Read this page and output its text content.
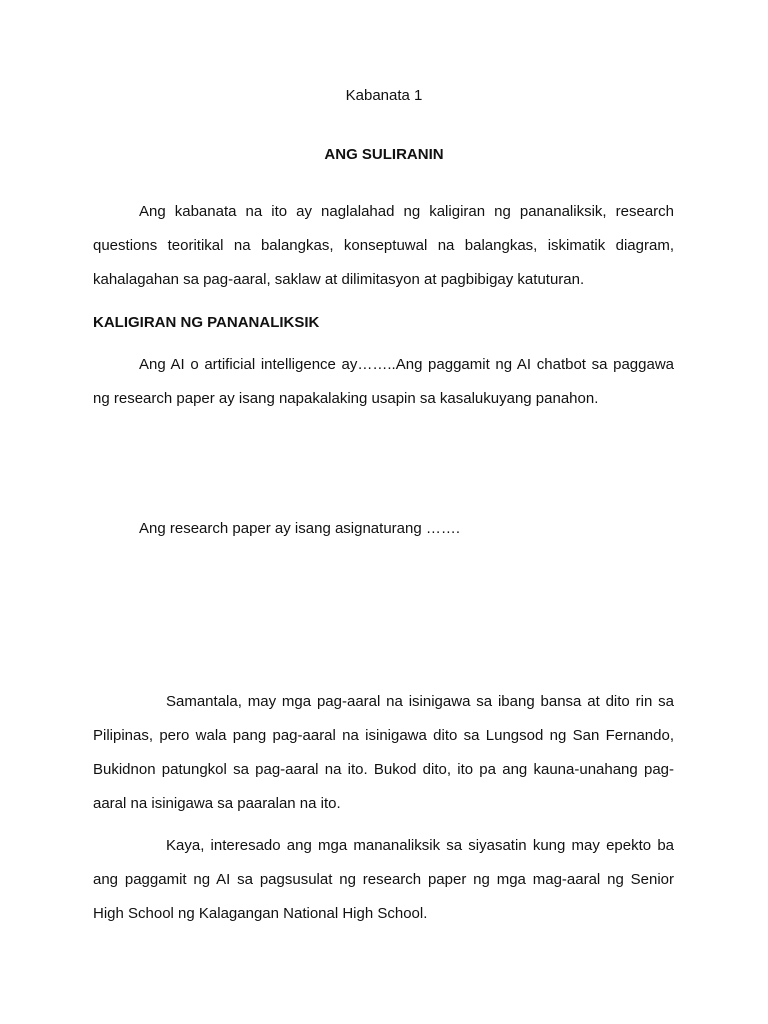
Kabanata 1
ANG SULIRANIN

Ang kabanata na ito ay naglalahad ng kaligiran ng pananaliksik, research questions teoritikal na balangkas, konseptuwal na balangkas, iskimatik diagram, kahalagahan sa pag-aaral, saklaw at dilimitasyon at pagbibigay katuturan.

KALIGIRAN NG PANANALIKSIK

Ang AI o artificial intelligence ay……..Ang paggamit ng AI chatbot sa paggawa ng research paper ay isang napakalaking usapin sa kasalukuyang panahon.

Ang research paper ay isang asignaturang …….

Samantala, may mga pag-aaral na isinigawa sa ibang bansa at dito rin sa Pilipinas, pero wala pang pag-aaral na isinigawa dito sa Lungsod ng San Fernando, Bukidnon patungkol sa pag-aaral na ito. Bukod dito, ito pa ang kauna-unahang pag-aaral na isinigawa sa paaralan na ito.

Kaya, interesado ang mga mananaliksik sa siyasatin kung may epekto ba ang paggamit ng AI sa pagsusulat ng research paper ng mga mag-aaral ng Senior High School ng Kalagangan National High School.
